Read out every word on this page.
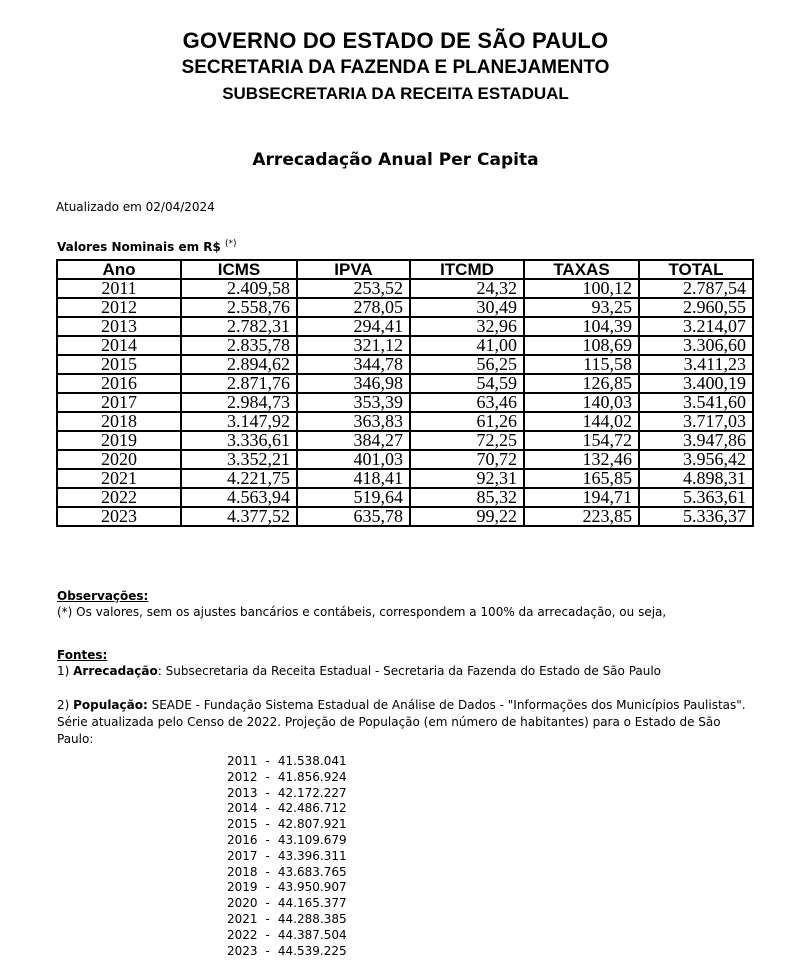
GOVERNO DO ESTADO DE SÃO PAULO
SECRETARIA DA FAZENDA E PLANEJAMENTO
SUBSECRETARIA DA RECEITA ESTADUAL
Arrecadação Anual Per Capita
Atualizado em 02/04/2024
Valores Nominais em R$ (*)
Ano	ICMS	IPVA	ITCMD	TAXAS	TOTAL
2011	2.409,58	253,52	24,32	100,12	2.787,54
2012	2.558,76	278,05	30,49	93,25	2.960,55
2013	2.782,31	294,41	32,96	104,39	3.214,07
2014	2.835,78	321,12	41,00	108,69	3.306,60
2015	2.894,62	344,78	56,25	115,58	3.411,23
2016	2.871,76	346,98	54,59	126,85	3.400,19
2017	2.984,73	353,39	63,46	140,03	3.541,60
2018	3.147,92	363,83	61,26	144,02	3.717,03
2019	3.336,61	384,27	72,25	154,72	3.947,86
2020	3.352,21	401,03	70,72	132,46	3.956,42
2021	4.221,75	418,41	92,31	165,85	4.898,31
2022	4.563,94	519,64	85,32	194,71	5.363,61
2023	4.377,52	635,78	99,22	223,85	5.336,37
Observações:
(*) Os valores, sem os ajustes bancários e contábeis, correspondem a 100% da arrecadação, ou seja,
Fontes:
1) Arrecadação: Subsecretaria da Receita Estadual - Secretaria da Fazenda do Estado de São Paulo
2) População: SEADE - Fundação Sistema Estadual de Análise de Dados - "Informações dos Municípios Paulistas". Série atualizada pelo Censo de 2022. Projeção de População (em número de habitantes) para o Estado de São Paulo:
2011	-	41.538.041
2012	-	41.856.924
2013	-	42.172.227
2014	-	42.486.712
2015	-	42.807.921
2016	-	43.109.679
2017	-	43.396.311
2018	-	43.683.765
2019	-	43.950.907
2020	-	44.165.377
2021	-	44.288.385
2022	-	44.387.504
2023	-	44.539.225
